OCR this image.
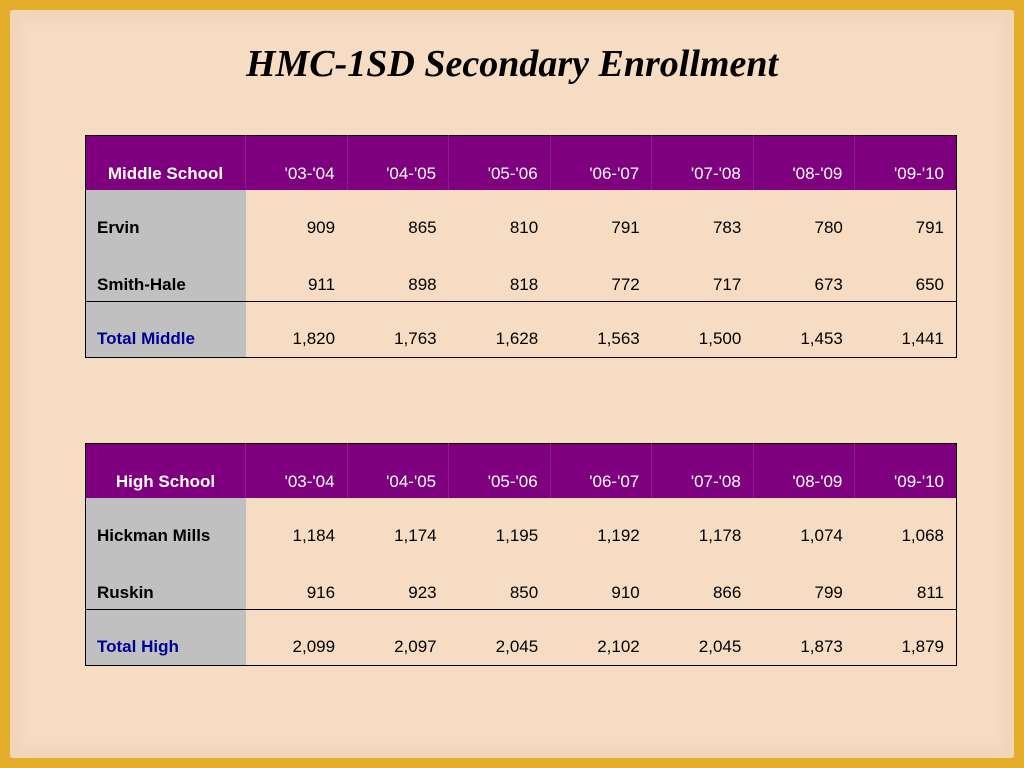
HMC-1SD Secondary Enrollment
Middle School	'03-'04	'04-'05	'05-'06	'06-'07	'07-'08	'08-'09	'09-'10
Ervin	909	865	810	791	783	780	791
Smith-Hale	911	898	818	772	717	673	650
Total Middle	1,820	1,763	1,628	1,563	1,500	1,453	1,441
High School	'03-'04	'04-'05	'05-'06	'06-'07	'07-'08	'08-'09	'09-'10
Hickman Mills	1,184	1,174	1,195	1,192	1,178	1,074	1,068
Ruskin	916	923	850	910	866	799	811
Total High	2,099	2,097	2,045	2,102	2,045	1,873	1,879
